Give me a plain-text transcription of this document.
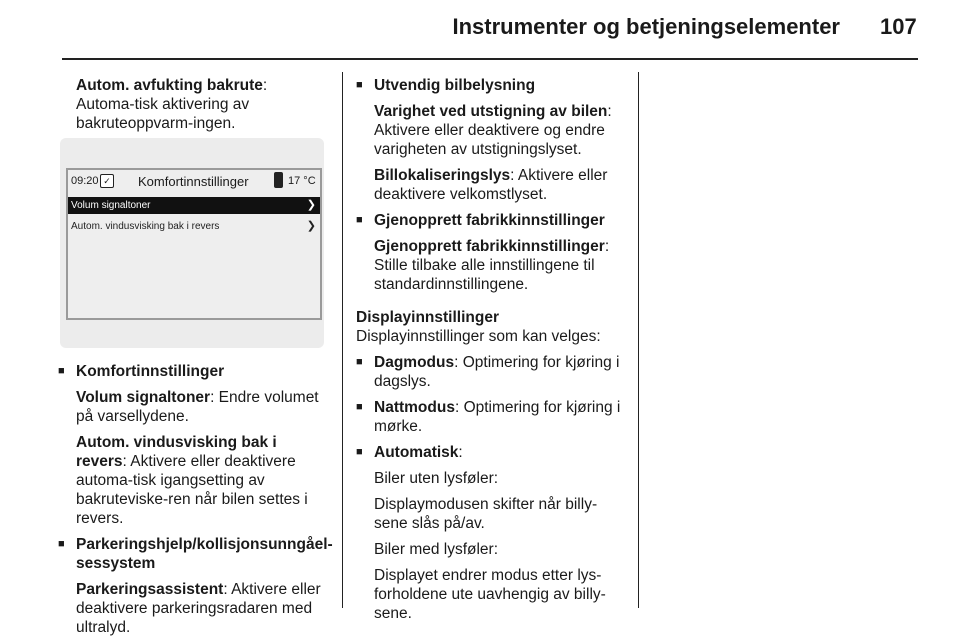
Instrumenter og betjeningselementer 107

Autom. avfukting bakrute: Automa-tisk aktivering av bakruteoppvarm-ingen.

09:20 ✓ Komfortinnstillinger	17 °C
Volum signaltoner	❯
Autom. vindusvisking bak i revers	❯
■ Komfortinnstillinger

Volum signaltoner: Endre volumet på varsellydene.

Autom. vindusvisking bak i revers: Aktivere eller deaktivere automa-tisk igangsetting av bakruteviske-ren når bilen settes i revers.

■ Parkeringshjelp/kollisjonsunngåel-sessystem

Parkeringsassistent: Aktivere eller deaktivere parkeringsradaren med ultralyd.

■ Utvendig bilbelysning

Varighet ved utstigning av bilen: Aktivere eller deaktivere og endre varigheten av utstigningslyset.

Billokaliseringslys: Aktivere eller deaktivere velkomstlyset.

■ Gjenopprett fabrikkinnstillinger

Gjenopprett fabrikkinnstillinger: Stille tilbake alle innstillingene til standardinnstillingene.

Displayinnstillinger

Displayinnstillinger som kan velges:

■ Dagmodus: Optimering for kjøring i dagslys.
■ Nattmodus: Optimering for kjøring i mørke.
■ Automatisk:

Biler uten lysføler:

Displaymodusen skifter når billy-sene slås på/av.

Biler med lysføler:

Displayet endrer modus etter lys-forholdene ute uavhengig av billy-sene.
